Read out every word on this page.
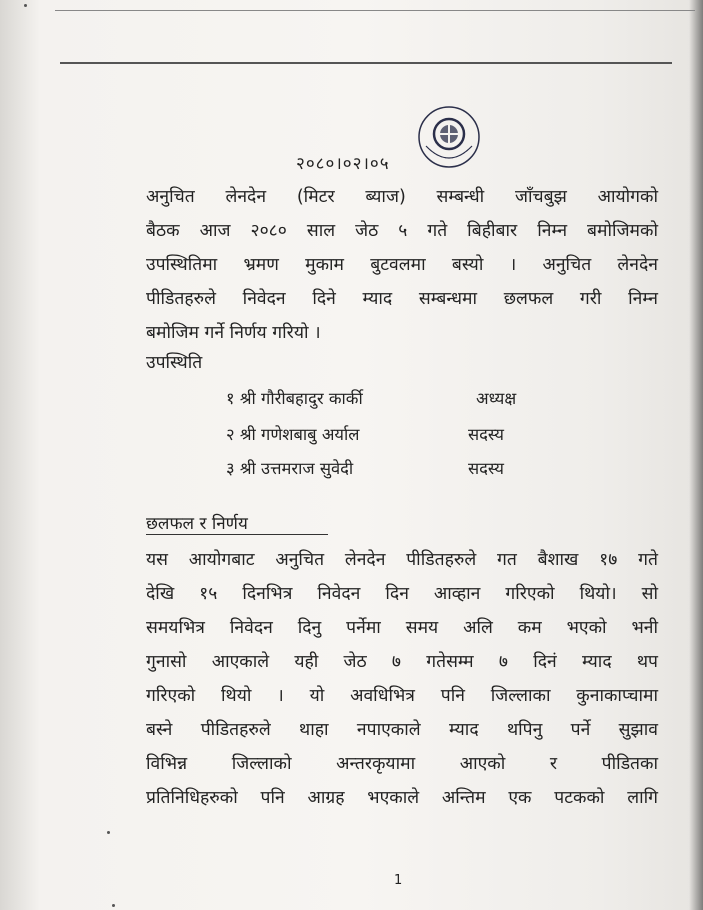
२०८०।०२।०५
अनुचित लेनदेन (मिटर ब्याज) सम्बन्धी जाँचबुझ आयोगको
बैठक आज २०८० साल जेठ ५ गते बिहीबार निम्न बमोजिमको
उपस्थितिमा भ्रमण मुकाम बुटवलमा बस्यो । अनुचित लेनदेन
पीडितहरुले निवेदन दिने म्याद सम्बन्धमा छलफल गरी निम्न
बमोजिम गर्ने निर्णय गरियो ।
उपस्थिति
१ श्री गौरीबहादुर कार्की	अध्यक्ष
२ श्री गणेशबाबु अर्याल	सदस्य
३ श्री उत्तमराज सुवेदी	सदस्य
छलफल र निर्णय
यस आयोगबाट अनुचित लेनदेन पीडितहरुले गत बैशाख १७ गते
देखि १५ दिनभित्र निवेदन दिन आव्हान गरिएको थियो। सो
समयभित्र निवेदन दिनु पर्नेमा समय अलि कम भएको भनी
गुनासो आएकाले यही जेठ ७ गतेसम्म ७ दिनं म्याद थप
गरिएको थियो । यो अवधिभित्र पनि जिल्लाका कुनाकाप्चामा
बस्ने पीडितहरुले थाहा नपाएकाले म्याद थपिनु पर्ने सुझाव
विभिन्न जिल्लाको अन्तरकृयामा आएको र पीडितका
प्रतिनिधिहरुको पनि आग्रह भएकाले अन्तिम एक पटकको लागि
1
